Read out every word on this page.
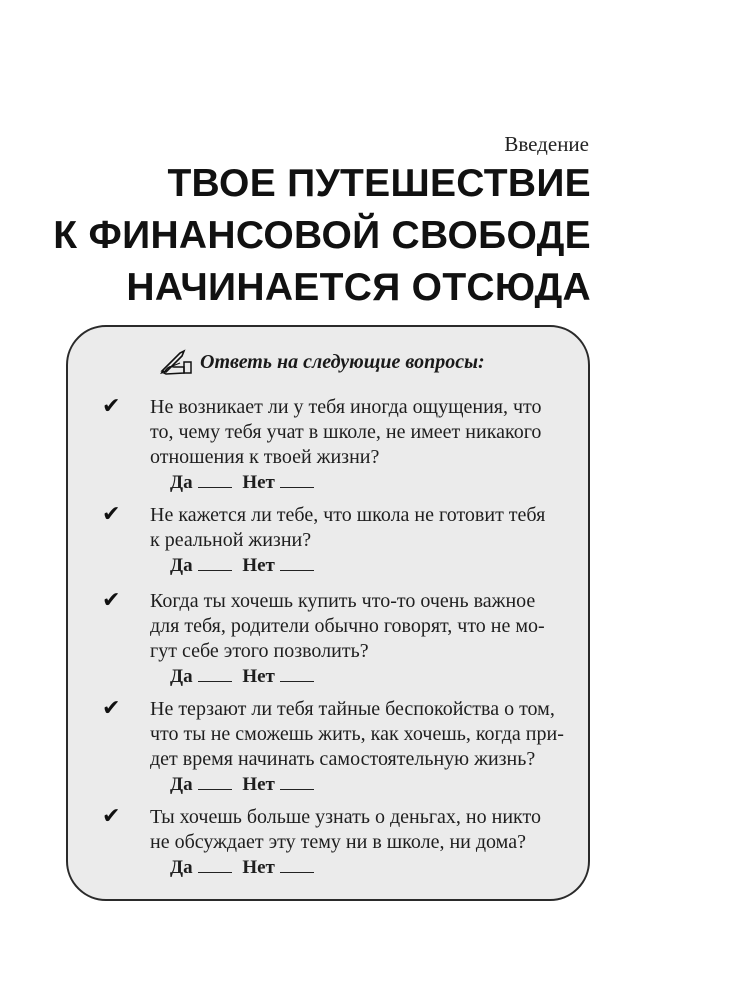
Введение
ТВОЕ ПУТЕШЕСТВИЕ
К ФИНАНСОВОЙ СВОБОДЕ
НАЧИНАЕТСЯ ОТСЮДА
Ответь на следующие вопросы:
✔ Не возникает ли у тебя иногда ощущения, что
то, чему тебя учат в школе, не имеет никакого
отношения к твоей жизни?
Да	Нет
✔ Не кажется ли тебе, что школа не готовит тебя
к реальной жизни?
Да	Нет
✔ Когда ты хочешь купить что-то очень важное
для тебя, родители обычно говорят, что не мо-
гут себе этого позволить?
Да	Нет
✔ Не терзают ли тебя тайные беспокойства о том,
что ты не сможешь жить, как хочешь, когда при-
дет время начинать самостоятельную жизнь?
Да	Нет
✔ Ты хочешь больше узнать о деньгах, но никто
не обсуждает эту тему ни в школе, ни дома?
Да	Нет
